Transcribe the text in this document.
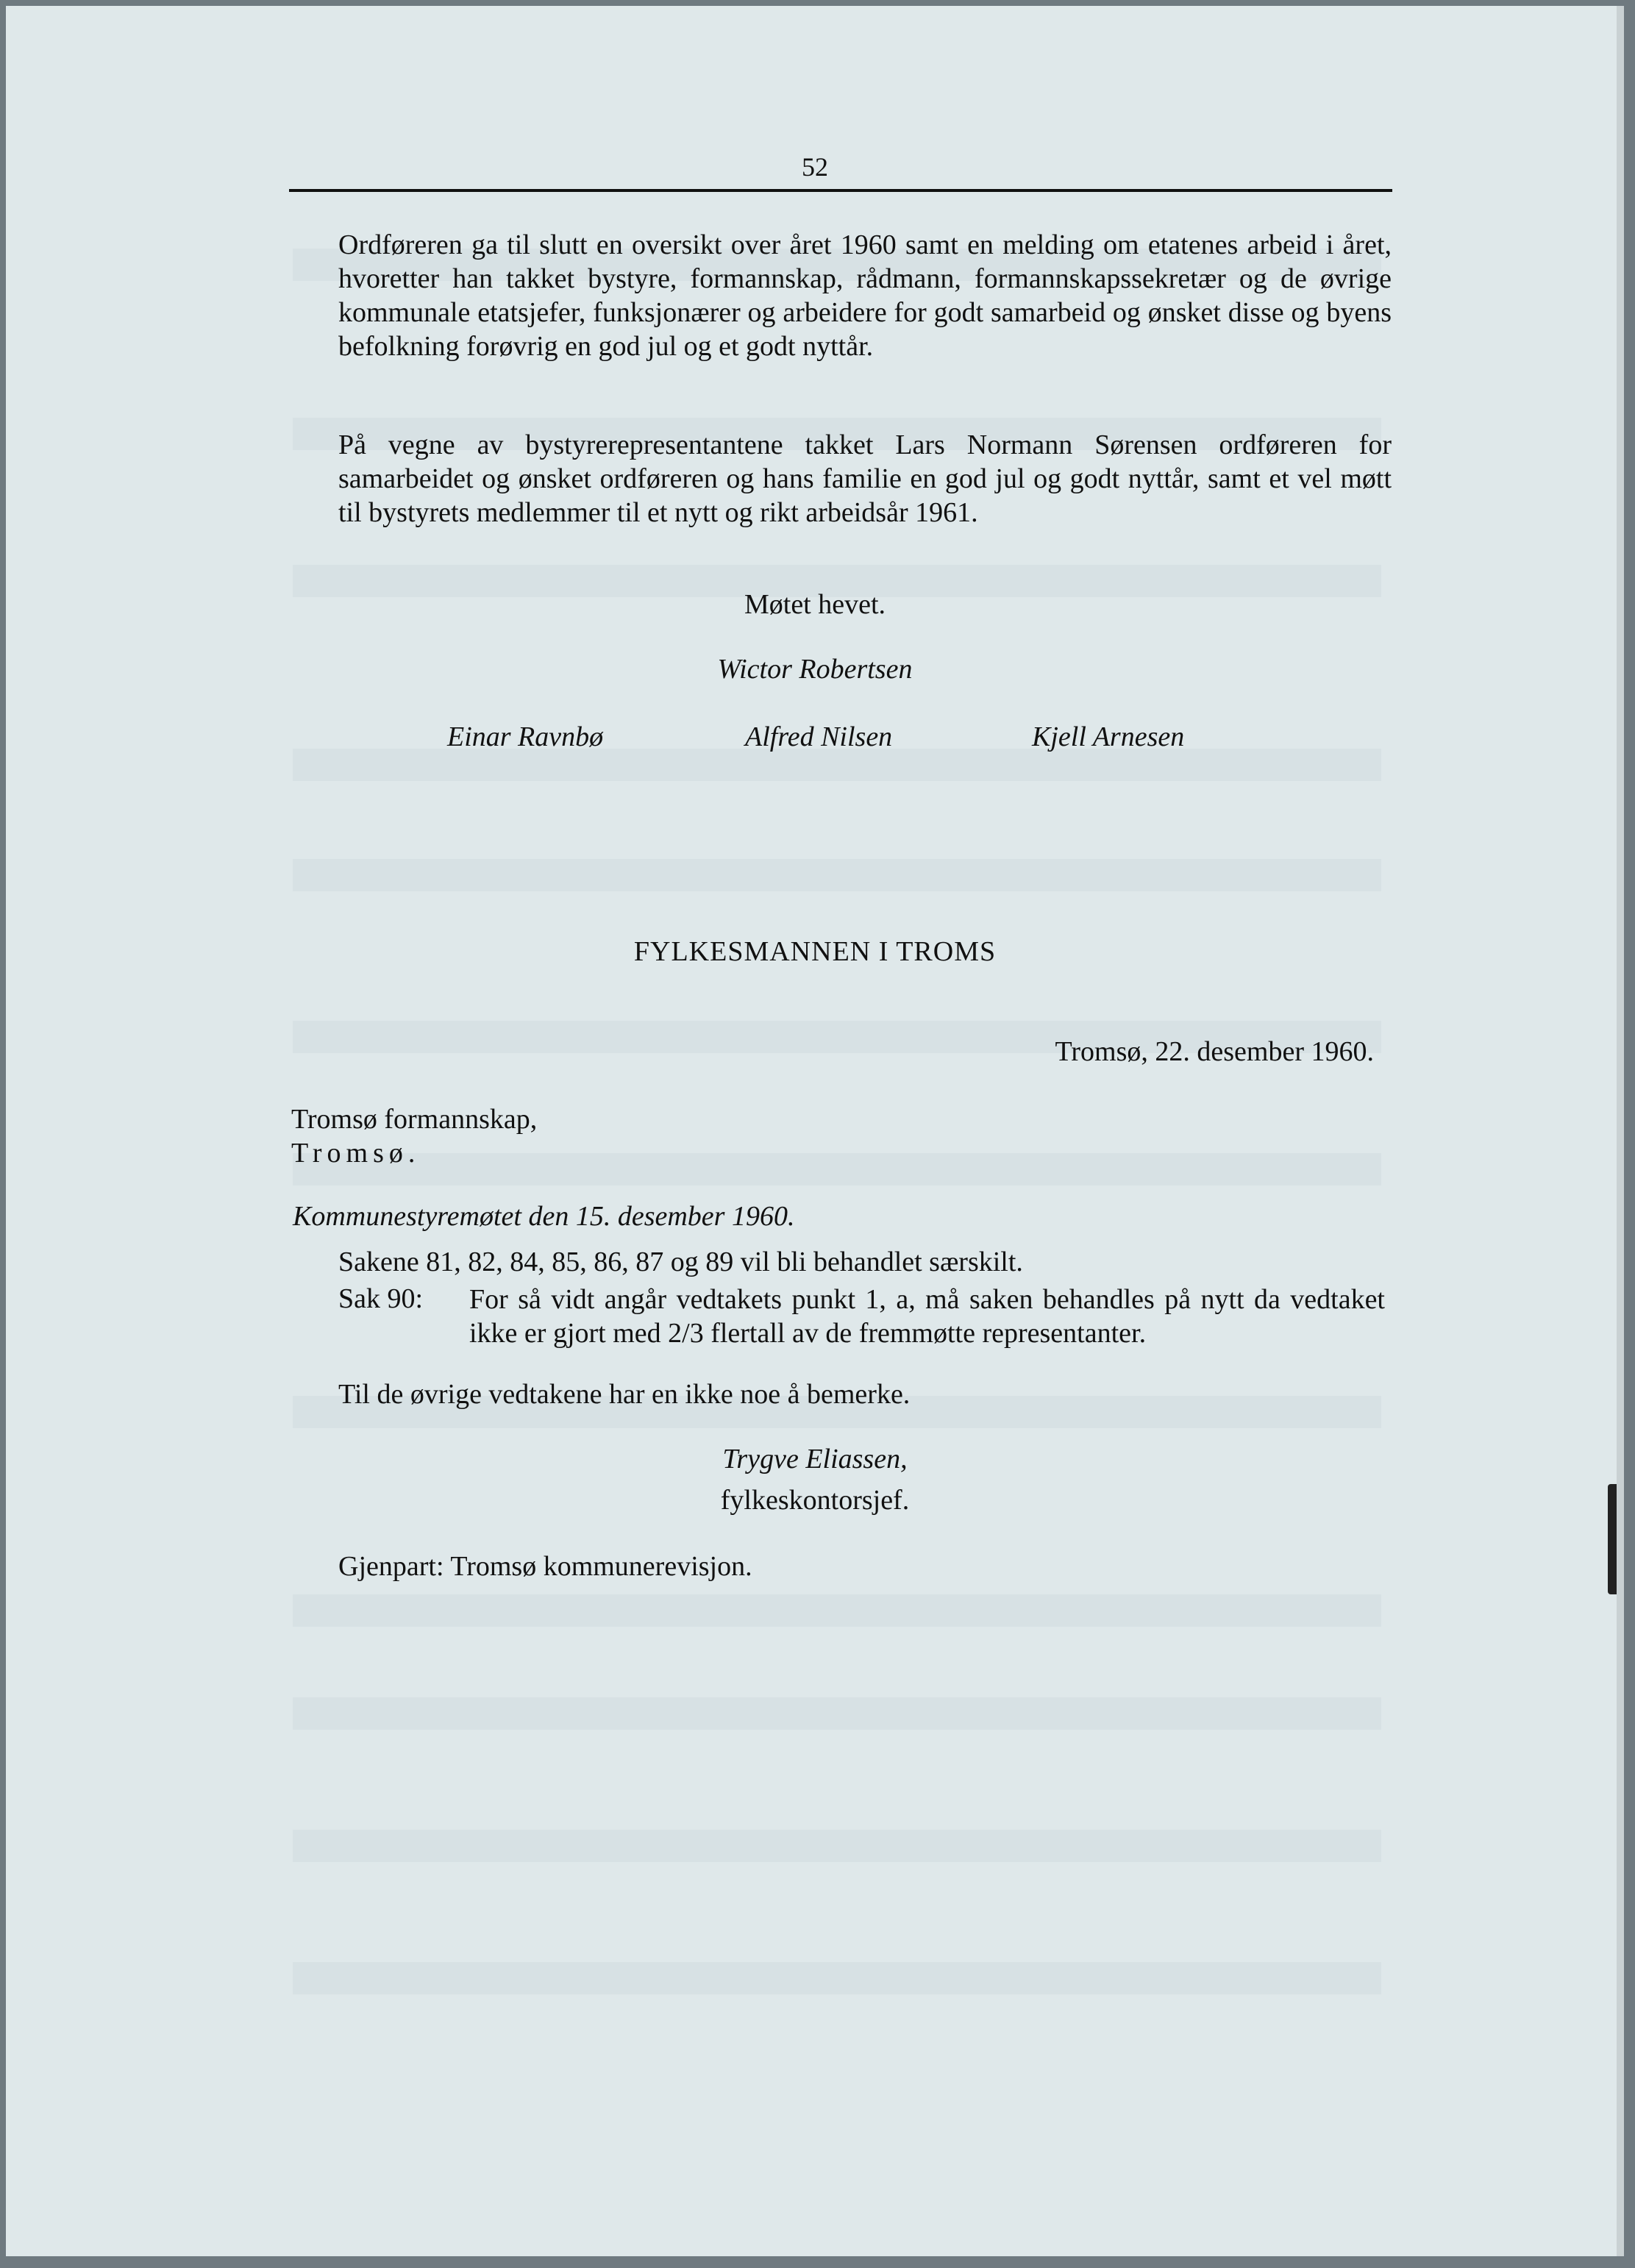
52

Ordføreren ga til slutt en oversikt over året 1960 samt en melding om etatenes arbeid i året, hvoretter han takket bystyre, formannskap, rådmann, formannskapssekretær og de øvrige kommunale etatsjefer, funksjonærer og arbeidere for godt samarbeid og ønsket disse og byens befolkning forøvrig en god jul og et godt nyttår.

På vegne av bystyrerepresentantene takket Lars Normann Sørensen ordføreren for samarbeidet og ønsket ordføreren og hans familie en god jul og godt nyttår, samt et vel møtt til bystyrets medlemmer til et nytt og rikt arbeidsår 1961.

Møtet hevet.
Wictor Robertsen
Einar Ravnbø	Alfred Nilsen	Kjell Arnesen
FYLKESMANNEN I TROMS
Tromsø, 22. desember 1960.
Tromsø formannskap,
Tromsø.
Kommunestyremøtet den 15. desember 1960.
Sakene 81, 82, 84, 85, 86, 87 og 89 vil bli behandlet særskilt.
Sak 90: For så vidt angår vedtakets punkt 1, a, må saken behandles på nytt da vedtaket ikke er gjort med 2/3 flertall av de fremmøtte representanter.

Til de øvrige vedtakene har en ikke noe å bemerke.
Trygve Eliassen,
fylkeskontorsjef.
Gjenpart: Tromsø kommunerevisjon.
